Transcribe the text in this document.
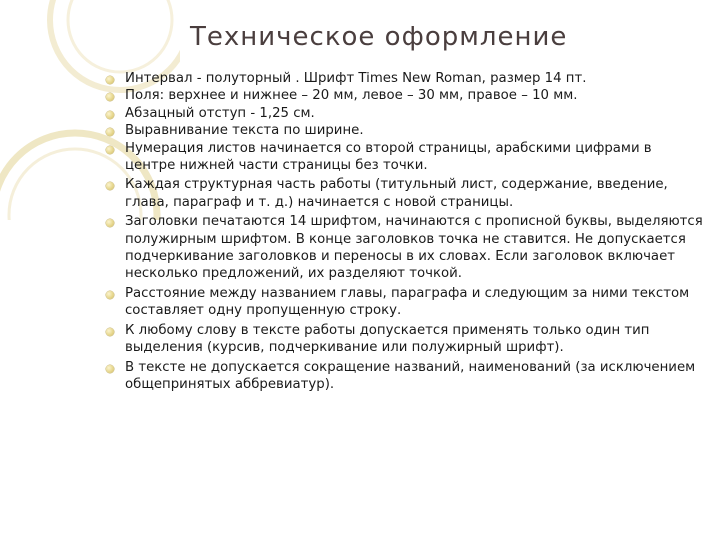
Техническое оформление
Интервал - полуторный . Шрифт Times New Roman, размер 14 пт.
Поля: верхнее и нижнее – 20 мм, левое – 30 мм, правое – 10 мм.
Абзацный отступ - 1,25 см.
Выравнивание текста по ширине.
Нумерация листов начинается со второй страницы, арабскими цифрами в центре нижней части страницы без точки.
Каждая структурная часть работы (титульный лист, содержание, введение, глава, параграф и т. д.) начинается с новой страницы.
Заголовки печатаются 14 шрифтом, начинаются с прописной буквы, выделяются полужирным шрифтом. В конце заголовков точка не ставится. Не допускается подчеркивание заголовков и переносы в их словах. Если заголовок включает несколько предложений, их разделяют точкой.
Расстояние между названием главы, параграфа и следующим за ними текстом составляет одну пропущенную строку.
К любому слову в тексте работы допускается применять только один тип выделения (курсив, подчеркивание или полужирный шрифт).
В тексте не допускается сокращение названий, наименований (за исключением общепринятых аббревиатур).
